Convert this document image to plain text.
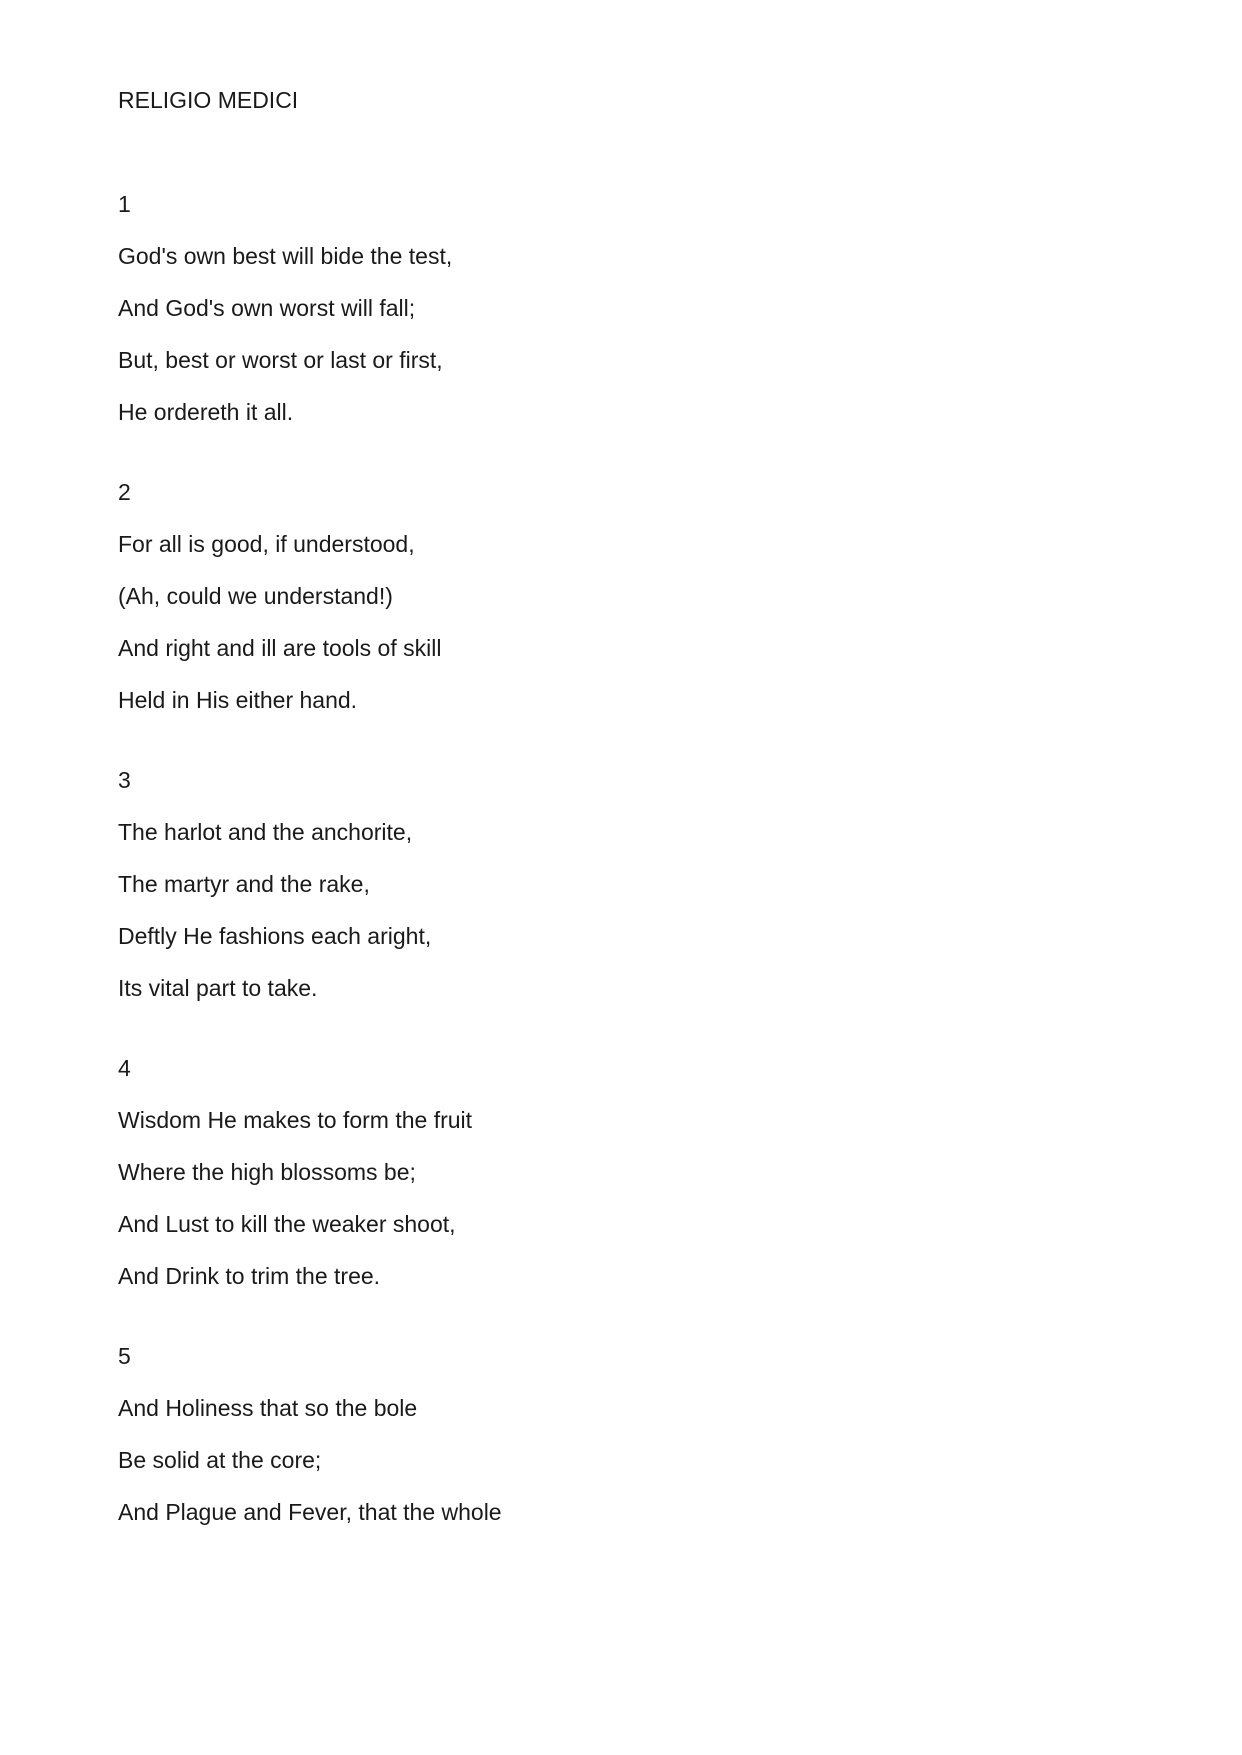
RELIGIO MEDICI

1

God's own best will bide the test,

And God's own worst will fall;

But, best or worst or last or first,

He ordereth it all.

2

For all is good, if understood,

(Ah, could we understand!)

And right and ill are tools of skill

Held in His either hand.

3

The harlot and the anchorite,

The martyr and the rake,

Deftly He fashions each aright,

Its vital part to take.

4

Wisdom He makes to form the fruit

Where the high blossoms be;

And Lust to kill the weaker shoot,

And Drink to trim the tree.

5

And Holiness that so the bole

Be solid at the core;

And Plague and Fever, that the whole
